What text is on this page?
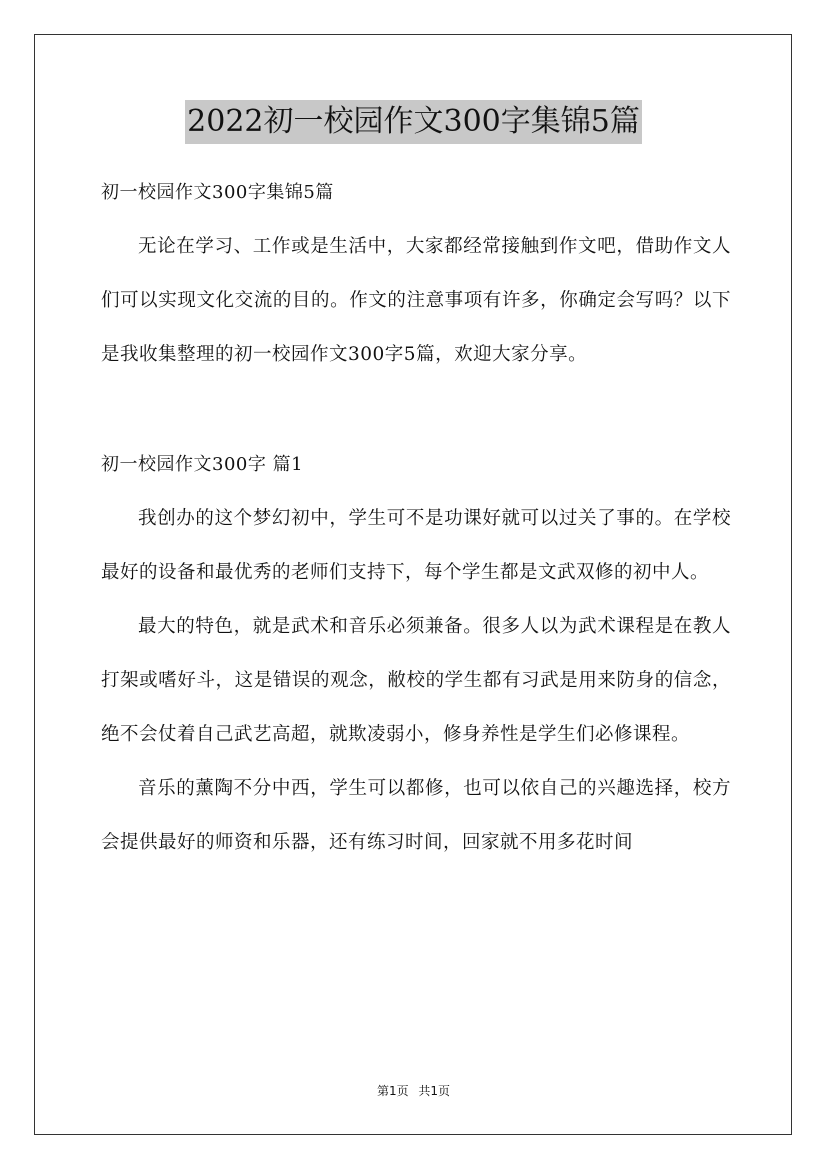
2022初一校园作文300字集锦5篇

初一校园作文300字集锦5篇

无论在学习、工作或是生活中，大家都经常接触到作文吧，借助作文人们可以实现文化交流的目的。作文的注意事项有许多，你确定会写吗？以下是我收集整理的初一校园作文300字5篇，欢迎大家分享。

初一校园作文300字 篇1

我创办的这个梦幻初中，学生可不是功课好就可以过关了事的。在学校最好的设备和最优秀的老师们支持下，每个学生都是文武双修的初中人。

最大的特色，就是武术和音乐必须兼备。很多人以为武术课程是在教人打架或嗜好斗，这是错误的观念，敝校的学生都有习武是用来防身的信念，绝不会仗着自己武艺高超，就欺凌弱小，修身养性是学生们必修课程。

音乐的薰陶不分中西，学生可以都修，也可以依自己的兴趣选择，校方会提供最好的师资和乐器，还有练习时间，回家就不用多花时间

第1页 共1页
